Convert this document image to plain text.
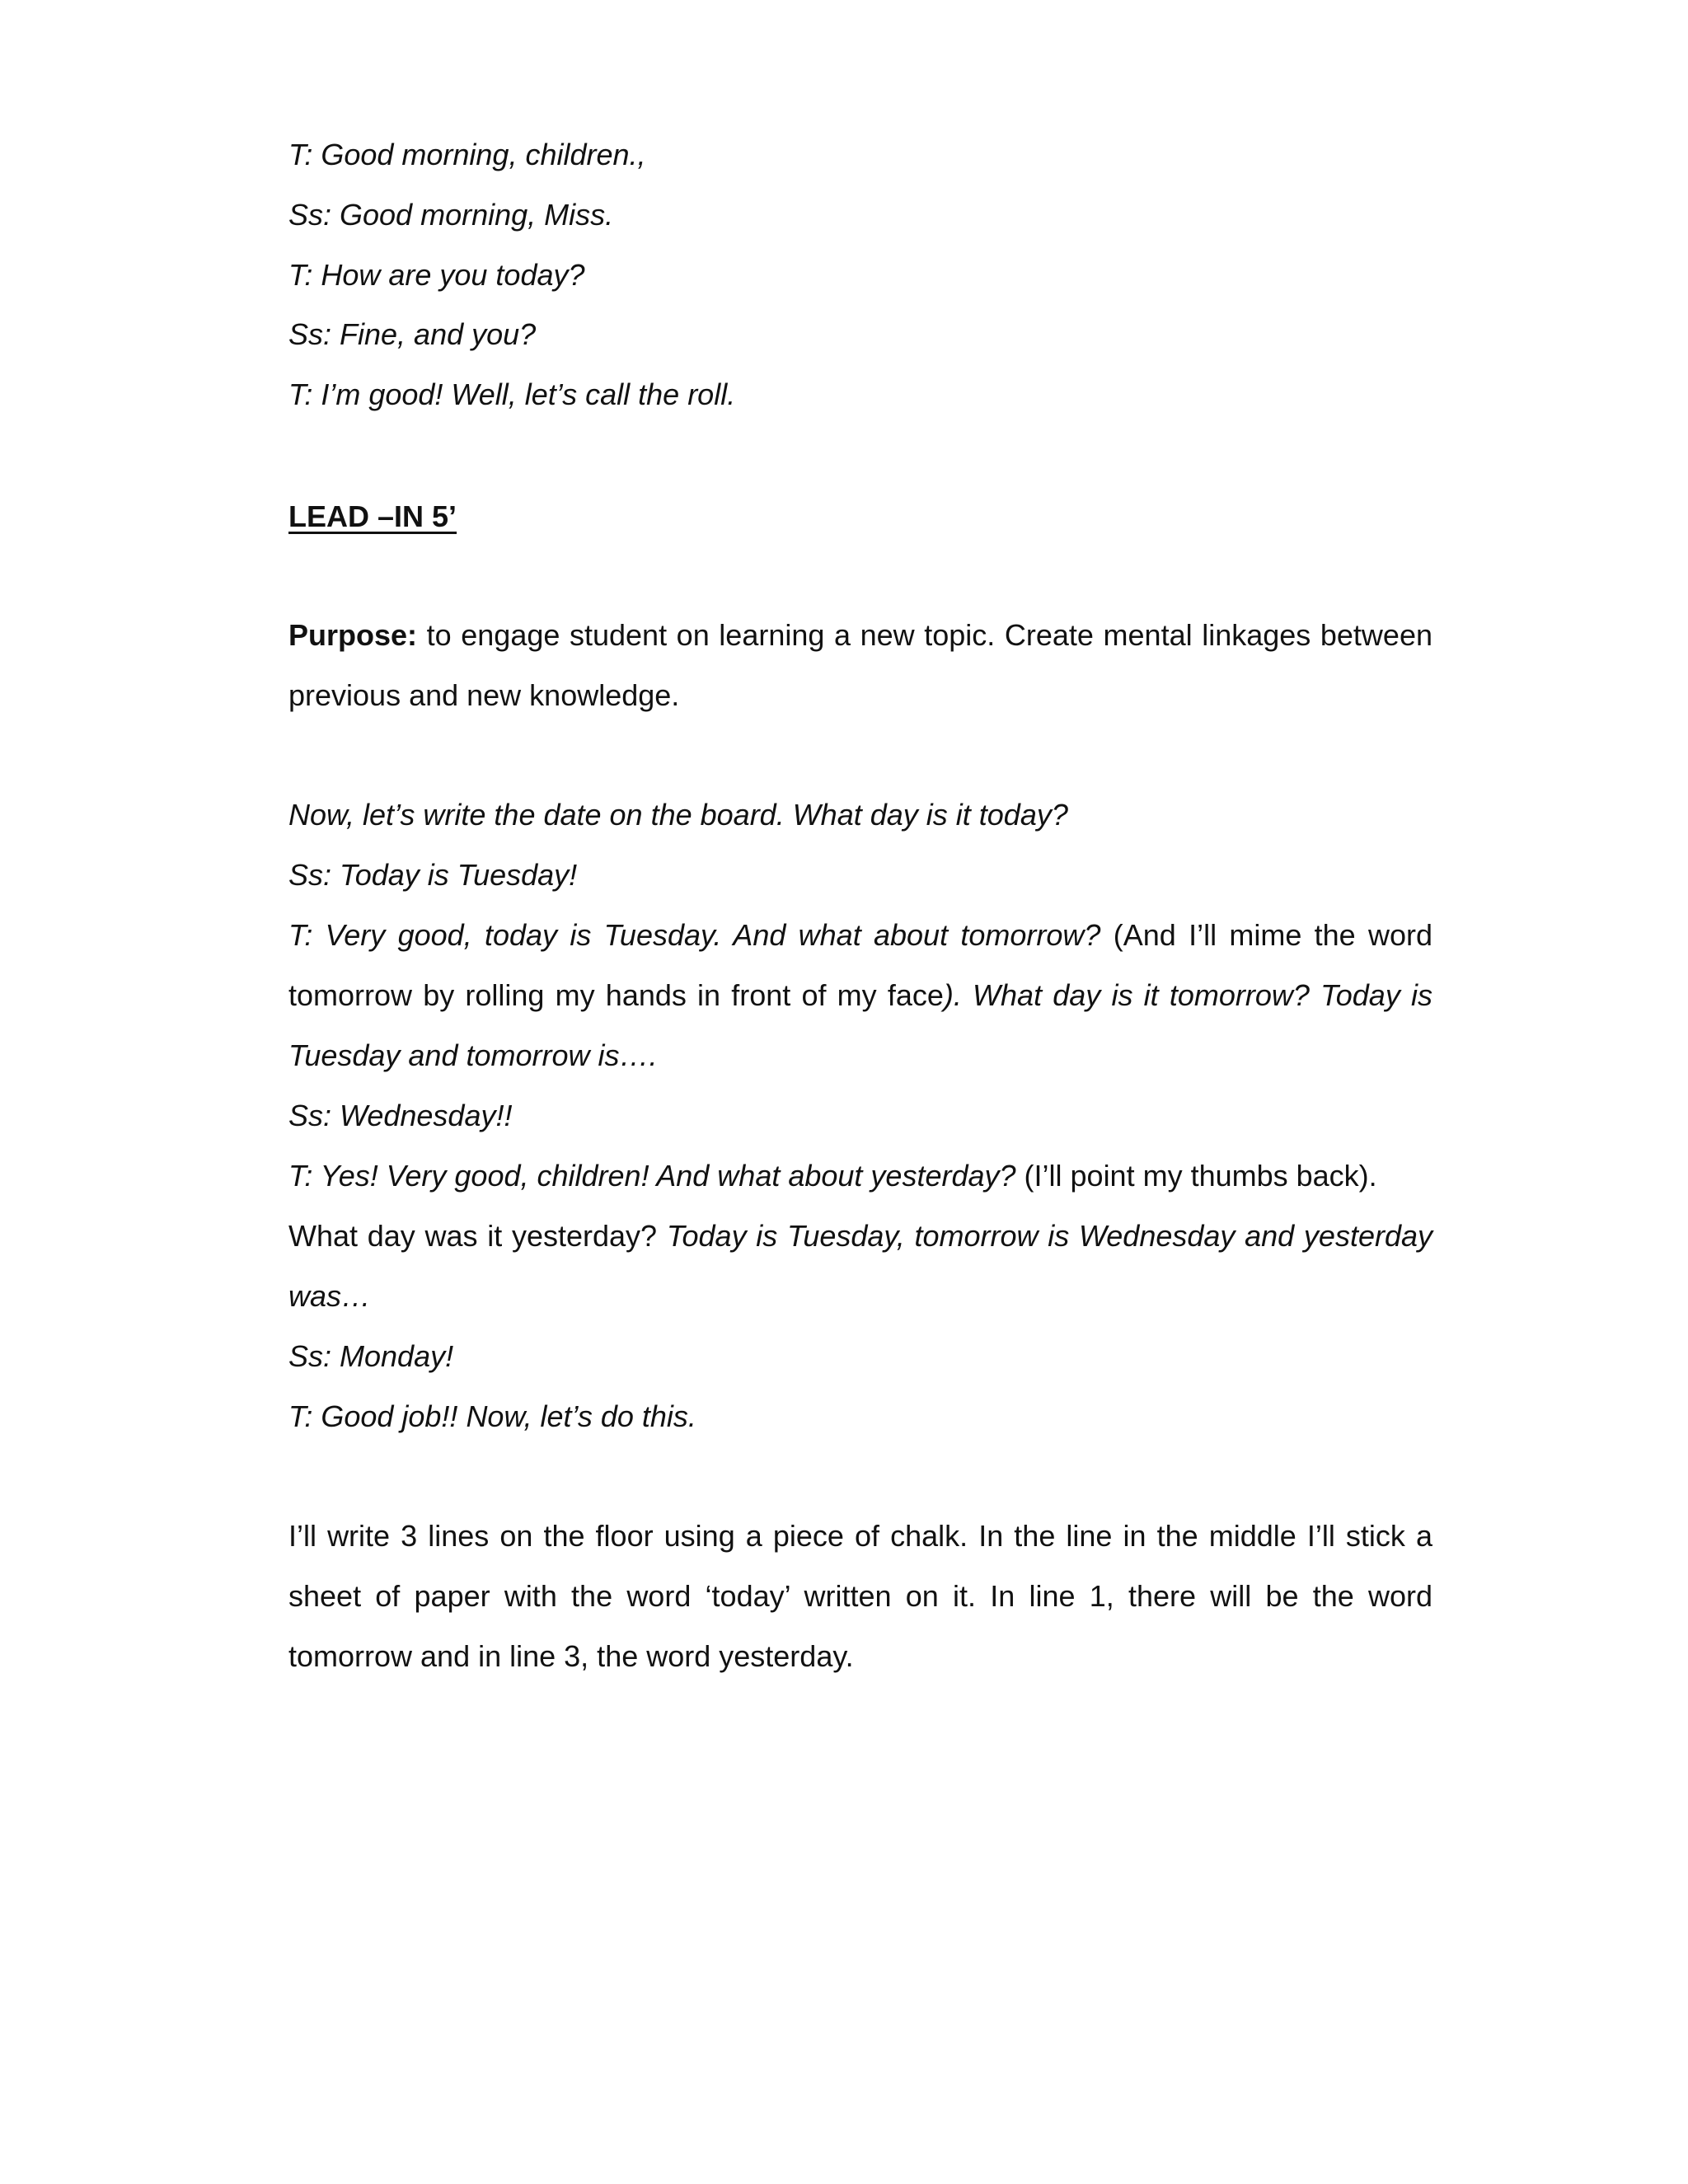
T: Good morning, children.,
Ss: Good morning, Miss.
T: How are you today?
Ss: Fine, and you?
T: I’m good! Well, let’s call the roll.
LEAD –IN 5’
Purpose: to engage student on learning a new topic. Create mental linkages between
previous and new knowledge.
Now, let’s write the date on the board. What day is it today?
Ss: Today is Tuesday!
T: Very good, today is Tuesday. And what about tomorrow? (And I’ll mime the word
tomorrow by rolling my hands in front of my face). What day is it tomorrow? Today is
Tuesday and tomorrow is….
Ss: Wednesday!!
T: Yes! Very good, children! And what about yesterday? (I’ll point my thumbs back).
What day was it yesterday? Today is Tuesday, tomorrow is Wednesday and yesterday
was…
Ss: Monday!
T: Good job!! Now, let’s do this.
I’ll write 3 lines on the floor using a piece of chalk. In the line in the middle I’ll stick a
sheet of paper with the word ‘today’ written on it. In line 1, there will be the word
tomorrow and in line 3, the word yesterday.
